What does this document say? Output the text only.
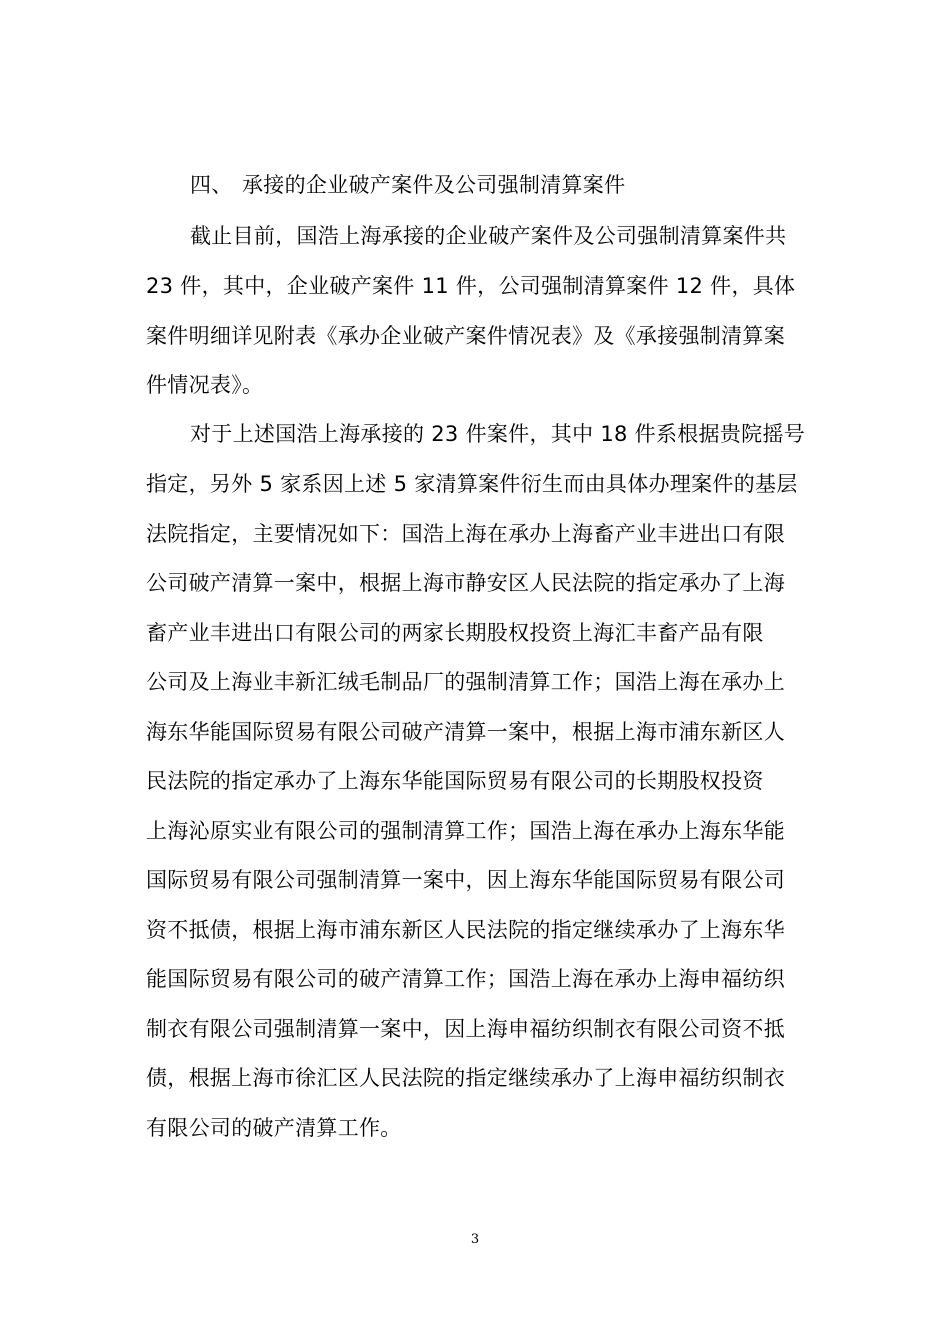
四、 承接的企业破产案件及公司强制清算案件
截止目前，国浩上海承接的企业破产案件及公司强制清算案件共
23 件，其中，企业破产案件 11 件，公司强制清算案件 12 件，具体
案件明细详见附表《承办企业破产案件情况表》及《承接强制清算案
件情况表》。
对于上述国浩上海承接的 23 件案件，其中 18 件系根据贵院摇号
指定，另外 5 家系因上述 5 家清算案件衍生而由具体办理案件的基层
法院指定，主要情况如下：国浩上海在承办上海畜产业丰进出口有限
公司破产清算一案中，根据上海市静安区人民法院的指定承办了上海
畜产业丰进出口有限公司的两家长期股权投资上海汇丰畜产品有限
公司及上海业丰新汇绒毛制品厂的强制清算工作；国浩上海在承办上
海东华能国际贸易有限公司破产清算一案中，根据上海市浦东新区人
民法院的指定承办了上海东华能国际贸易有限公司的长期股权投资
上海沁原实业有限公司的强制清算工作；国浩上海在承办上海东华能
国际贸易有限公司强制清算一案中，因上海东华能国际贸易有限公司
资不抵债，根据上海市浦东新区人民法院的指定继续承办了上海东华
能国际贸易有限公司的破产清算工作；国浩上海在承办上海申福纺织
制衣有限公司强制清算一案中，因上海申福纺织制衣有限公司资不抵
债，根据上海市徐汇区人民法院的指定继续承办了上海申福纺织制衣
有限公司的破产清算工作。
3
